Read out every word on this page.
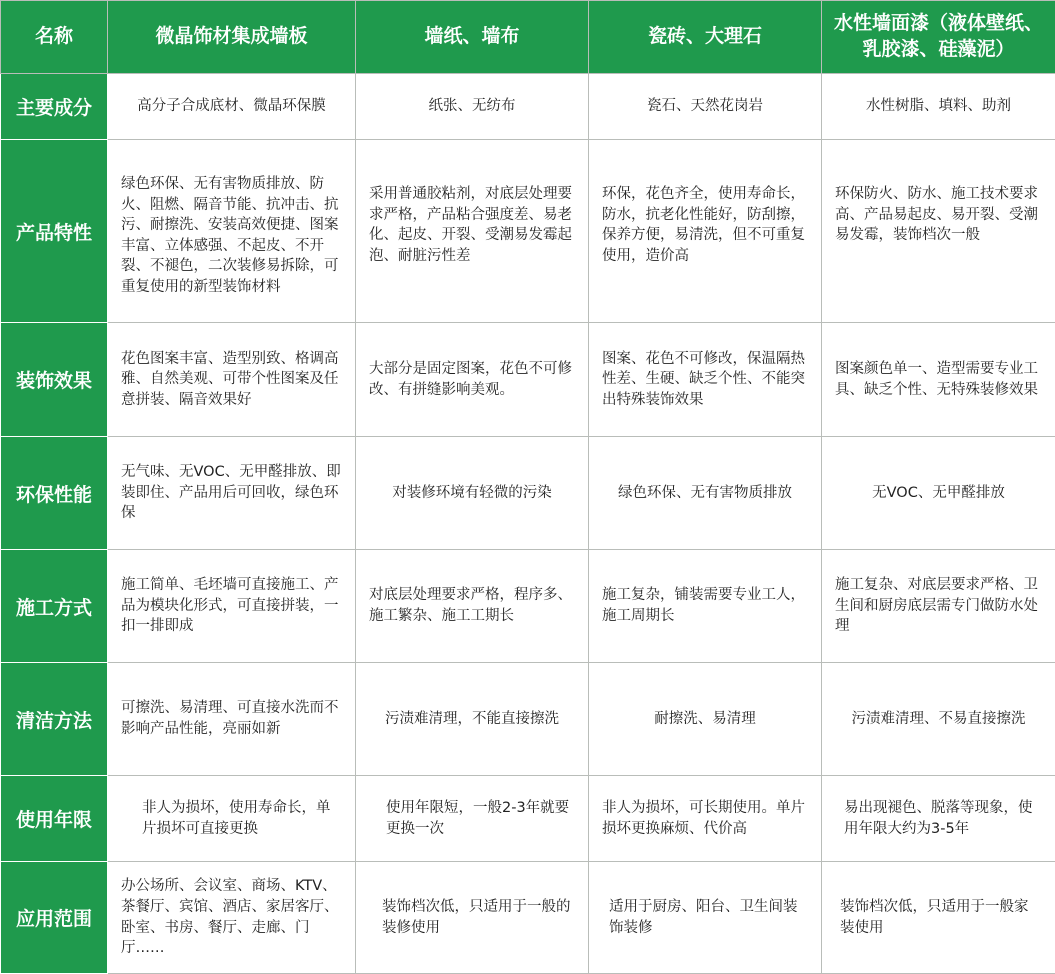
名称	微晶饰材集成墙板	墙纸、墙布	瓷砖、大理石	水性墙面漆（液体壁纸、乳胶漆、硅藻泥）
主要成分	高分子合成底材、微晶环保膜	纸张、无纺布	瓷石、天然花岗岩	水性树脂、填料、助剂
产品特性	绿色环保、无有害物质排放、防火、阻燃、隔音节能、抗冲击、抗污、耐擦洗、安装高效便捷、图案丰富、立体感强、不起皮、不开裂、不褪色，二次装修易拆除，可重复使用的新型装饰材料	采用普通胶粘剂，对底层处理要求严格，产品粘合强度差、易老化、起皮、开裂、受潮易发霉起泡、耐脏污性差	环保，花色齐全，使用寿命长，防水，抗老化性能好，防刮擦，保养方便，易清洗，但不可重复使用，造价高	环保防火、防水、施工技术要求高、产品易起皮、易开裂、受潮易发霉，装饰档次一般
装饰效果	花色图案丰富、造型别致、格调高雅、自然美观、可带个性图案及任意拼装、隔音效果好	大部分是固定图案，花色不可修改、有拼缝影响美观。	图案、花色不可修改，保温隔热性差、生硬、缺乏个性、不能突出特殊装饰效果	图案颜色单一、造型需要专业工具、缺乏个性、无特殊装修效果
环保性能	无气味、无VOC、无甲醛排放、即装即住、产品用后可回收，绿色环保	对装修环境有轻微的污染	绿色环保、无有害物质排放	无VOC、无甲醛排放
施工方式	施工简单、毛坯墙可直接施工、产品为模块化形式，可直接拼装，一扣一排即成	对底层处理要求严格，程序多、施工繁杂、施工工期长	施工复杂，铺装需要专业工人，施工周期长	施工复杂、对底层要求严格、卫生间和厨房底层需专门做防水处理
清洁方法	可擦洗、易清理、可直接水洗而不影响产品性能，亮丽如新	污渍难清理，不能直接擦洗	耐擦洗、易清理	污渍难清理、不易直接擦洗
使用年限	非人为损坏，使用寿命长，单片损坏可直接更换	使用年限短，一般2-3年就要更换一次	非人为损坏，可长期使用。单片损坏更换麻烦、代价高	易出现褪色、脱落等现象，使用年限大约为3-5年
应用范围	办公场所、会议室、商场、KTV、茶餐厅、宾馆、酒店、家居客厅、卧室、书房、餐厅、走廊、门厅……	装饰档次低，只适用于一般的装修使用	适用于厨房、阳台、卫生间装饰装修	装饰档次低，只适用于一般家装使用
